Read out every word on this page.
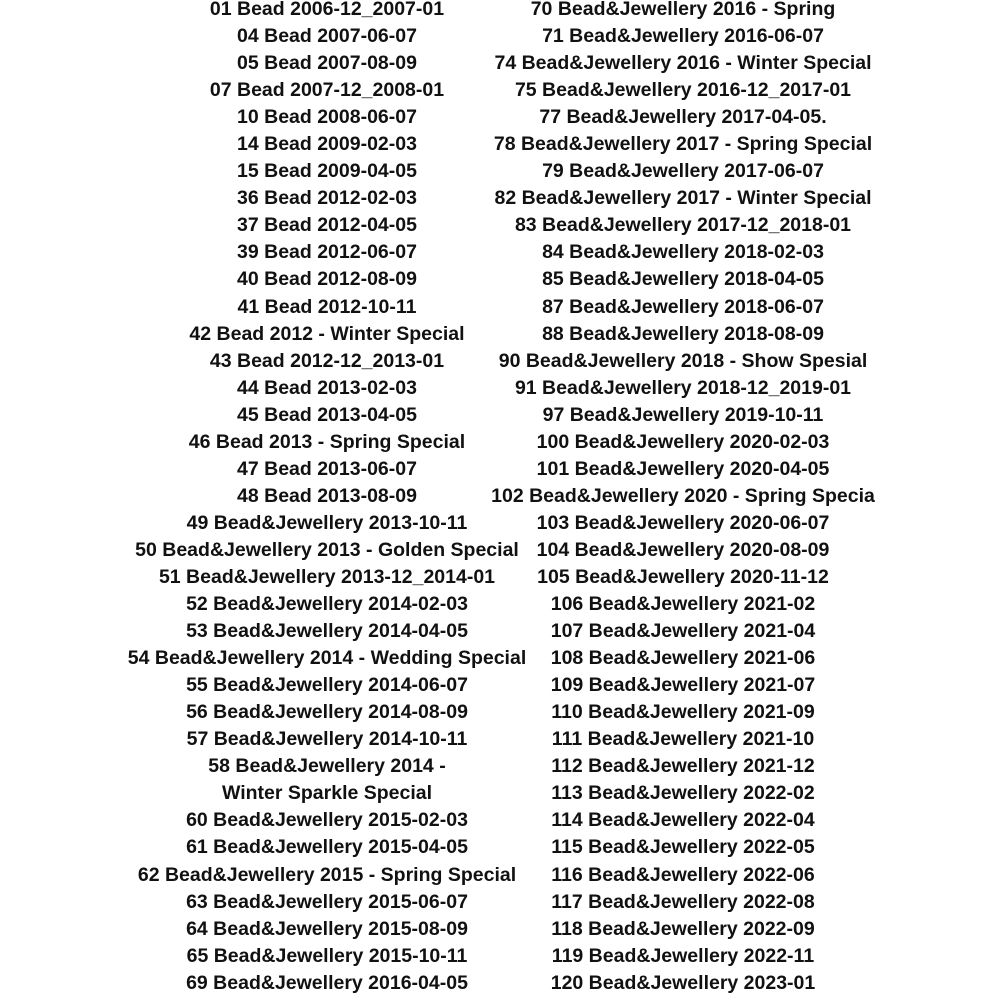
01 Bead 2006-12_2007-01
04 Bead 2007-06-07
05 Bead 2007-08-09
07 Bead 2007-12_2008-01
10 Bead 2008-06-07
14 Bead 2009-02-03
15 Bead 2009-04-05
36 Bead 2012-02-03
37 Bead 2012-04-05
39 Bead 2012-06-07
40 Bead 2012-08-09
41 Bead 2012-10-11
42 Bead 2012 - Winter Special
43 Bead 2012-12_2013-01
44 Bead 2013-02-03
45 Bead 2013-04-05
46 Bead 2013 - Spring Special
47 Bead 2013-06-07
48 Bead 2013-08-09
49 Bead&Jewellery 2013-10-11
50 Bead&Jewellery 2013 - Golden Special
51 Bead&Jewellery 2013-12_2014-01
52 Bead&Jewellery 2014-02-03
53 Bead&Jewellery 2014-04-05
54 Bead&Jewellery 2014 - Wedding Special
55 Bead&Jewellery 2014-06-07
56 Bead&Jewellery 2014-08-09
57 Bead&Jewellery 2014-10-11
58 Bead&Jewellery 2014 -
Winter Sparkle Special
60 Bead&Jewellery 2015-02-03
61 Bead&Jewellery 2015-04-05
62 Bead&Jewellery 2015 - Spring Special
63 Bead&Jewellery 2015-06-07
64 Bead&Jewellery 2015-08-09
65 Bead&Jewellery 2015-10-11
69 Bead&Jewellery 2016-04-05
70 Bead&Jewellery 2016 - Spring
71 Bead&Jewellery 2016-06-07
74 Bead&Jewellery 2016 - Winter Special
75 Bead&Jewellery 2016-12_2017-01
77 Bead&Jewellery 2017-04-05.
78 Bead&Jewellery 2017 - Spring Special
79 Bead&Jewellery 2017-06-07
82 Bead&Jewellery 2017 - Winter Special
83 Bead&Jewellery 2017-12_2018-01
84 Bead&Jewellery 2018-02-03
85 Bead&Jewellery 2018-04-05
87 Bead&Jewellery 2018-06-07
88 Bead&Jewellery 2018-08-09
90 Bead&Jewellery 2018 - Show Spesial
91 Bead&Jewellery 2018-12_2019-01
97 Bead&Jewellery 2019-10-11
100 Bead&Jewellery 2020-02-03
101 Bead&Jewellery 2020-04-05
102 Bead&Jewellery 2020 - Spring Specia
103 Bead&Jewellery 2020-06-07
104 Bead&Jewellery 2020-08-09
105 Bead&Jewellery 2020-11-12
106 Bead&Jewellery 2021-02
107 Bead&Jewellery 2021-04
108 Bead&Jewellery 2021-06
109 Bead&Jewellery 2021-07
110 Bead&Jewellery 2021-09
111 Bead&Jewellery 2021-10
112 Bead&Jewellery 2021-12
113 Bead&Jewellery 2022-02
114 Bead&Jewellery 2022-04
115 Bead&Jewellery 2022-05
116 Bead&Jewellery 2022-06
117 Bead&Jewellery 2022-08
118 Bead&Jewellery 2022-09
119 Bead&Jewellery 2022-11
120 Bead&Jewellery 2023-01
